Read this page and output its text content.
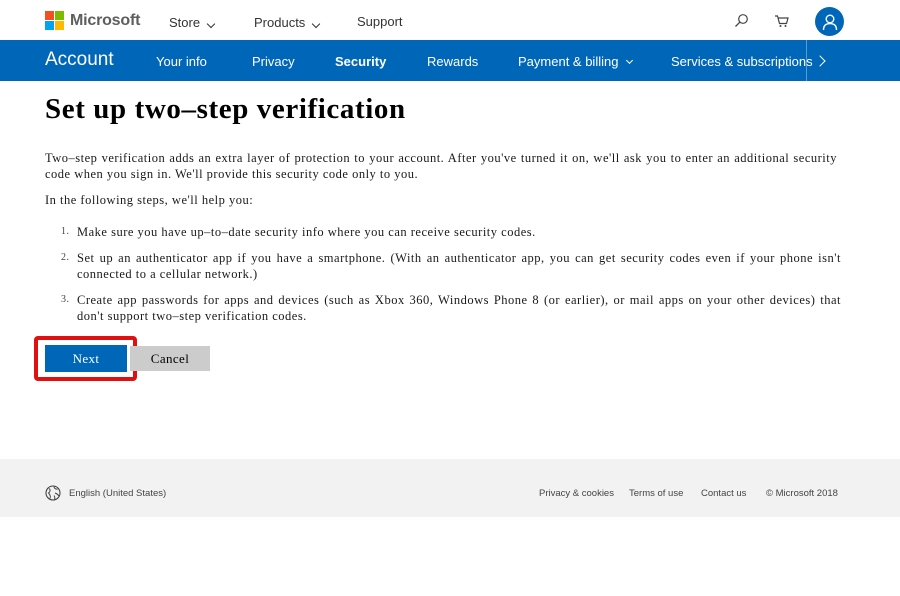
Microsoft Store	Products	Support
Account	Your info	Privacy	Security	Rewards	Payment & billing	Services & subscriptions
Set up two–step verification

Two–step verification adds an extra layer of protection to your account. After you've turned it on, we'll ask you to enter an additional security code when you sign in. We'll provide this security code only to you.

In the following steps, we'll help you:

1. Make sure you have up–to–date security info where you can receive security codes.
2. Set up an authenticator app if you have a smartphone. (With an authenticator app, you can get security codes even if your phone isn't connected to a cellular network.)
3. Create app passwords for apps and devices (such as Xbox 360, Windows Phone 8 (or earlier), or mail apps on your other devices) that don't support two–step verification codes.
Next	Cancel
English (United States)	Privacy & cookies Terms of use Contact us © Microsoft 2018
